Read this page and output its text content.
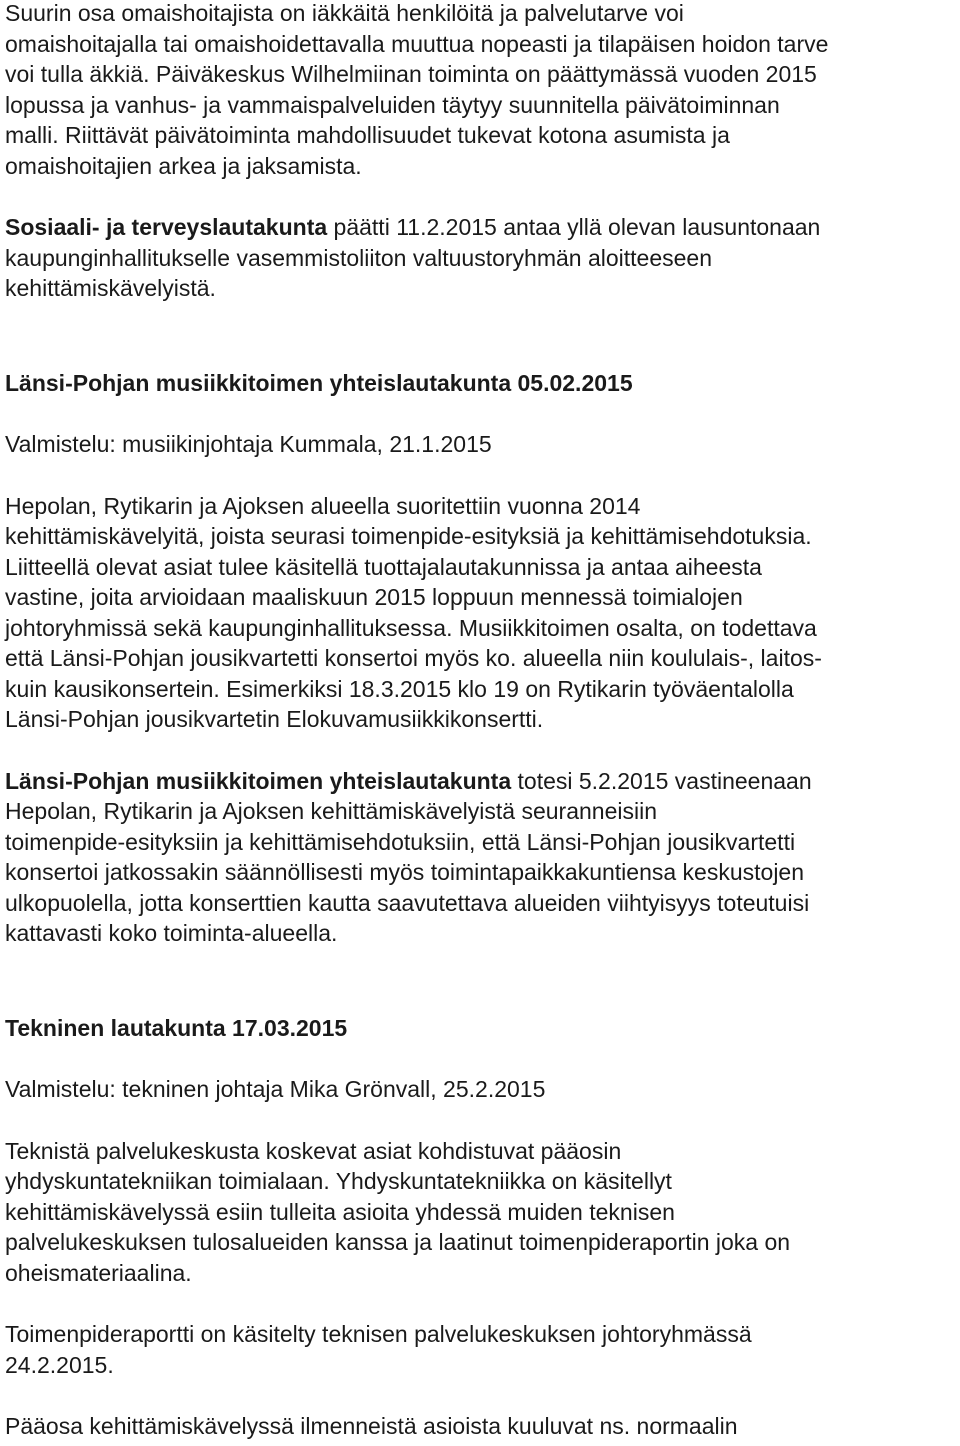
Suurin osa omaishoitajista on iäkkäitä henkilöitä ja palvelutarve voi
omaishoitajalla tai omaishoidettavalla muuttua nopeasti ja tilapäisen hoidon tarve
voi tulla äkkiä. Päiväkeskus Wilhelmiinan toiminta on päättymässä vuoden 2015
lopussa ja vanhus- ja vammaispalveluiden täytyy suunnitella päivätoiminnan
malli. Riittävät päivätoiminta mahdollisuudet tukevat kotona asumista ja
omaishoitajien arkea ja jaksamista.
Sosiaali- ja terveyslautakunta päätti 11.2.2015 antaa yllä olevan lausuntonaan
kaupunginhallitukselle vasemmistoliiton valtuustoryhmän aloitteeseen
kehittämiskävelyistä.
Länsi-Pohjan musiikkitoimen yhteislautakunta 05.02.2015
Valmistelu: musiikinjohtaja Kummala, 21.1.2015
Hepolan, Rytikarin ja Ajoksen alueella suoritettiin vuonna 2014
kehittämiskävelyitä, joista seurasi toimenpide-esityksiä ja kehittämisehdotuksia.
Liitteellä olevat asiat tulee käsitellä tuottajalautakunnissa ja antaa aiheesta
vastine, joita arvioidaan maaliskuun 2015 loppuun mennessä toimialojen
johtoryhmissä sekä kaupunginhallituksessa. Musiikkitoimen osalta, on todettava
että Länsi-Pohjan jousikvartetti konsertoi myös ko. alueella niin koululais-, laitos-
kuin kausikonsertein. Esimerkiksi 18.3.2015 klo 19 on Rytikarin työväentalolla
Länsi-Pohjan jousikvartetin Elokuvamusiikkikonsertti.
Länsi-Pohjan musiikkitoimen yhteislautakunta totesi 5.2.2015 vastineenaan
Hepolan, Rytikarin ja Ajoksen kehittämiskävelyistä seuranneisiin
toimenpide-esityksiin ja kehittämisehdotuksiin, että Länsi-Pohjan jousikvartetti
konsertoi jatkossakin säännöllisesti myös toimintapaikkakuntiensa keskustojen
ulkopuolella, jotta konserttien kautta saavutettava alueiden viihtyisyys toteutuisi
kattavasti koko toiminta-alueella.
Tekninen lautakunta 17.03.2015
Valmistelu: tekninen johtaja Mika Grönvall, 25.2.2015
Teknistä palvelukeskusta koskevat asiat kohdistuvat pääosin
yhdyskuntatekniikan toimialaan. Yhdyskuntatekniikka on käsitellyt
kehittämiskävelyssä esiin tulleita asioita yhdessä muiden teknisen
palvelukeskuksen tulosalueiden kanssa ja laatinut toimenpideraportin joka on
oheismateriaalina.
Toimenpideraportti on käsitelty teknisen palvelukeskuksen johtoryhmässä
24.2.2015.
Pääosa kehittämiskävelyssä ilmenneistä asioista kuuluvat ns. normaalin
